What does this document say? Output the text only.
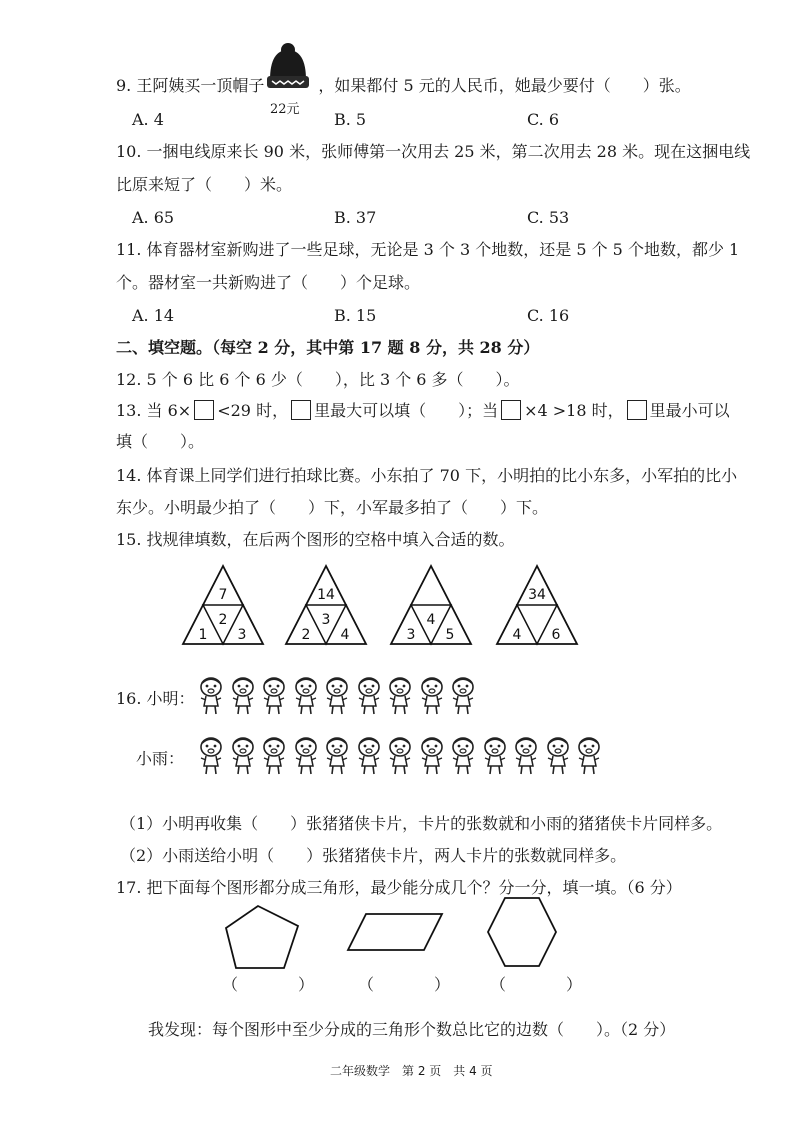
9. 王阿姨买一顶帽子	，如果都付 5 元的人民币，她最少要付（　　）张。
22元
A. 4	B. 5	C. 6
10. 一捆电线原来长 90 米，张师傅第一次用去 25 米，第二次用去 28 米。现在这捆电线
比原来短了（　　）米。
A. 65	B. 37	C. 53
11. 体育器材室新购进了一些足球，无论是 3 个 3 个地数，还是 5 个 5 个地数，都少 1
个。器材室一共新购进了（　　）个足球。
A. 14	B. 15	C. 16
二、填空题。（每空 2 分，其中第 17 题 8 分，共 28 分）
12. 5 个 6 比 6 个 6 少（　　），比 3 个 6 多（　　）。
13. 当 6× <29 时， 里最大可以填（　　）；当 ×4 >18 时， 里最小可以
填（　　）。
14. 体育课上同学们进行拍球比赛。小东拍了 70 下，小明拍的比小东多，小军拍的比小
东少。小明最少拍了（　　）下，小军最多拍了（　　）下。
15. 找规律填数，在后两个图形的空格中填入合适的数。
7
2
1 3
14
3
2 4
4
3 5
34
4 6
16. 小明：
小雨：
（1）小明再收集（　　）张猪猪侠卡片，卡片的张数就和小雨的猪猪侠卡片同样多。
（2）小雨送给小明（　　）张猪猪侠卡片，两人卡片的张数就同样多。
17. 把下面每个图形都分成三角形，最少能分成几个？分一分，填一填。（6 分）
（　） （　） （　）
我发现：每个图形中至少分成的三角形个数总比它的边数（　　）。（2 分）
二年级数学　第 2 页　共 4 页
